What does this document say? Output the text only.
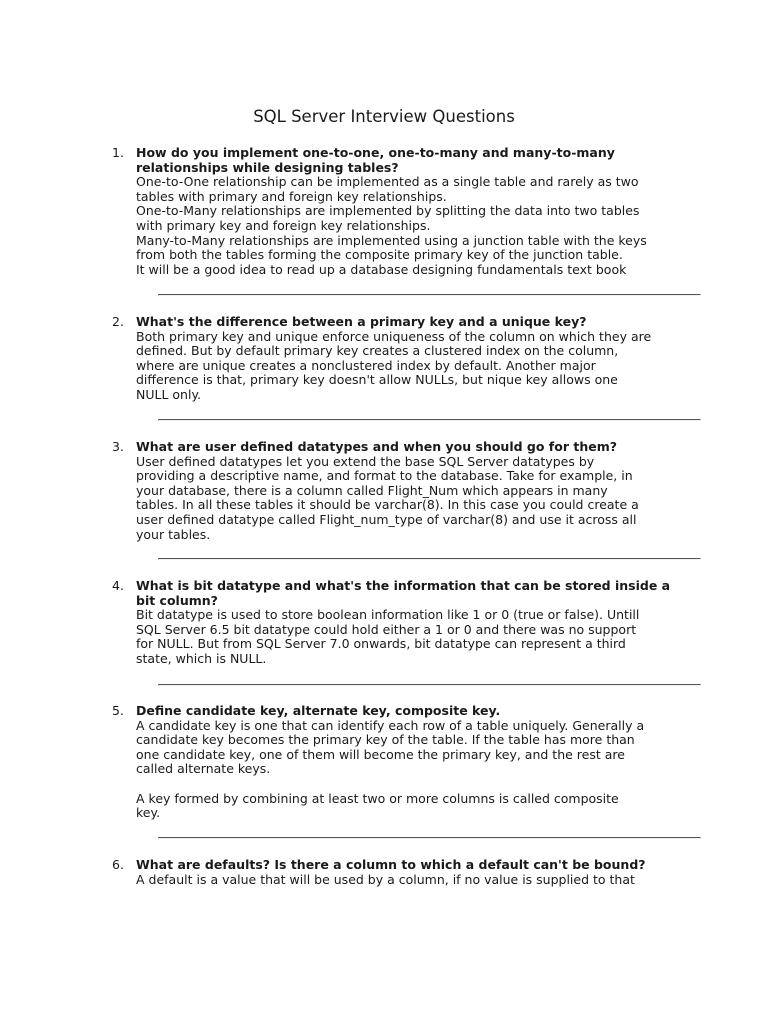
SQL Server Interview Questions
1. How do you implement one-to-one, one-to-many and many-to-many relationships while designing tables?
One-to-One relationship can be implemented as a single table and rarely as two
tables with primary and foreign key relationships.
One-to-Many relationships are implemented by splitting the data into two tables
with primary key and foreign key relationships.
Many-to-Many relationships are implemented using a junction table with the keys
from both the tables forming the composite primary key of the junction table.
It will be a good idea to read up a database designing fundamentals text book
2. What's the difference between a primary key and a unique key?
Both primary key and unique enforce uniqueness of the column on which they are
defined. But by default primary key creates a clustered index on the column,
where are unique creates a nonclustered index by default. Another major
difference is that, primary key doesn't allow NULLs, but nique key allows one
NULL only.
3. What are user defined datatypes and when you should go for them?
User defined datatypes let you extend the base SQL Server datatypes by
providing a descriptive name, and format to the database. Take for example, in
your database, there is a column called Flight_Num which appears in many
tables. In all these tables it should be varchar(8). In this case you could create a
user defined datatype called Flight_num_type of varchar(8) and use it across all
your tables.
4. What is bit datatype and what's the information that can be stored inside a bit column?
Bit datatype is used to store boolean information like 1 or 0 (true or false). Untill
SQL Server 6.5 bit datatype could hold either a 1 or 0 and there was no support
for NULL. But from SQL Server 7.0 onwards, bit datatype can represent a third
state, which is NULL.
5. Define candidate key, alternate key, composite key.
A candidate key is one that can identify each row of a table uniquely. Generally a
candidate key becomes the primary key of the table. If the table has more than
one candidate key, one of them will become the primary key, and the rest are
called alternate keys.
A key formed by combining at least two or more columns is called composite
key.
6. What are defaults? Is there a column to which a default can't be bound?
A default is a value that will be used by a column, if no value is supplied to that
